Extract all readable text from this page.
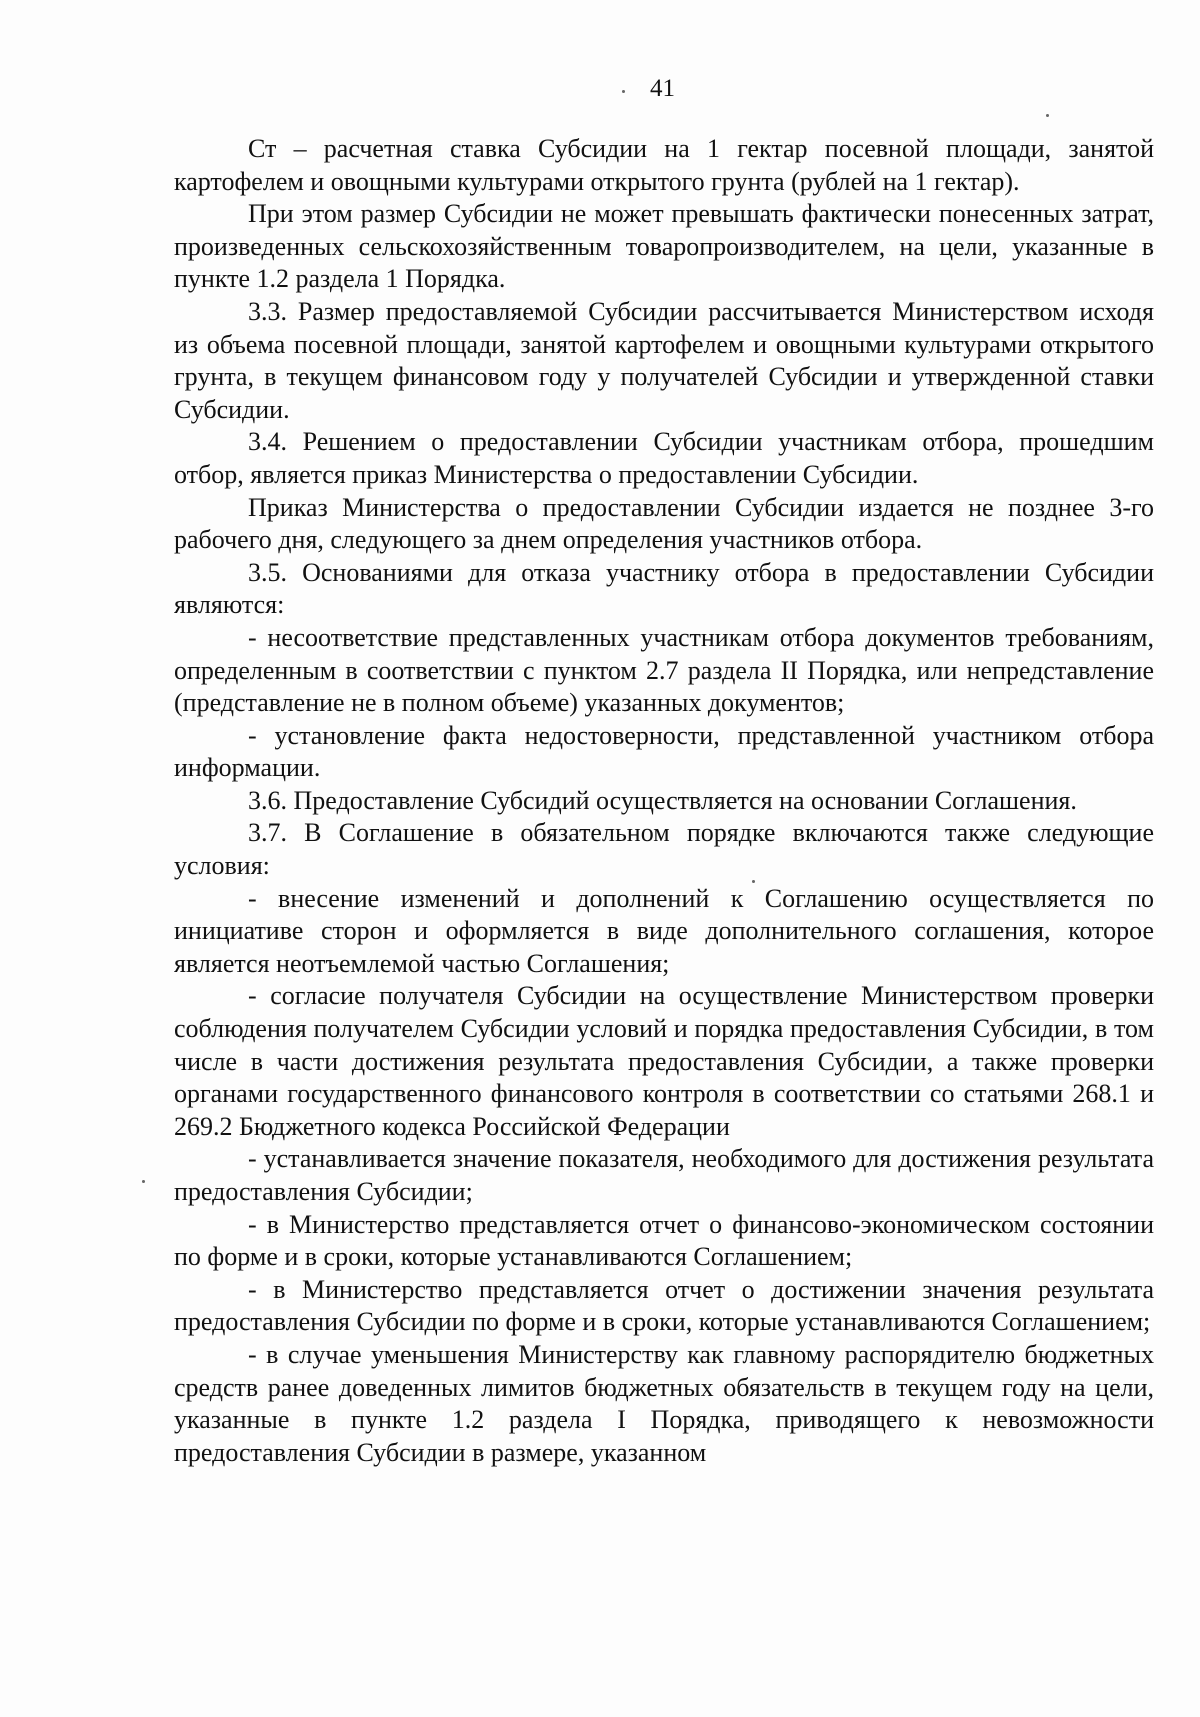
41

Ст – расчетная ставка Субсидии на 1 гектар посевной площади, занятой картофелем и овощными культурами открытого грунта (рублей на 1 гектар).

При этом размер Субсидии не может превышать фактически понесенных затрат, произведенных сельскохозяйственным товаропроизводителем, на цели, указанные в пункте 1.2 раздела 1 Порядка.

3.3. Размер предоставляемой Субсидии рассчитывается Министерством исходя из объема посевной площади, занятой картофелем и овощными культурами открытого грунта, в текущем финансовом году у получателей Субсидии и утвержденной ставки Субсидии.

3.4. Решением о предоставлении Субсидии участникам отбора, прошедшим отбор, является приказ Министерства о предоставлении Субсидии.

Приказ Министерства о предоставлении Субсидии издается не позднее 3-го рабочего дня, следующего за днем определения участников отбора.

3.5. Основаниями для отказа участнику отбора в предоставлении Субсидии являются:

- несоответствие представленных участникам отбора документов требованиям, определенным в соответствии с пунктом 2.7 раздела II Порядка, или непредставление (представление не в полном объеме) указанных документов;

- установление факта недостоверности, представленной участником отбора информации.

3.6. Предоставление Субсидий осуществляется на основании Соглашения.

3.7. В Соглашение в обязательном порядке включаются также следующие условия:

- внесение изменений и дополнений к Соглашению осуществляется по инициативе сторон и оформляется в виде дополнительного соглашения, которое является неотъемлемой частью Соглашения;

- согласие получателя Субсидии на осуществление Министерством проверки соблюдения получателем Субсидии условий и порядка предоставления Субсидии, в том числе в части достижения результата предоставления Субсидии, а также проверки органами государственного финансового контроля в соответствии со статьями 268.1 и 269.2 Бюджетного кодекса Российской Федерации

- устанавливается значение показателя, необходимого для достижения результата предоставления Субсидии;

- в Министерство представляется отчет о финансово-экономическом состоянии по форме и в сроки, которые устанавливаются Соглашением;

- в Министерство представляется отчет о достижении значения результата предоставления Субсидии по форме и в сроки, которые устанавливаются Соглашением;

- в случае уменьшения Министерству как главному распорядителю бюджетных средств ранее доведенных лимитов бюджетных обязательств в текущем году на цели, указанные в пункте 1.2 раздела I Порядка, приводящего к невозможности предоставления Субсидии в размере, указанном
